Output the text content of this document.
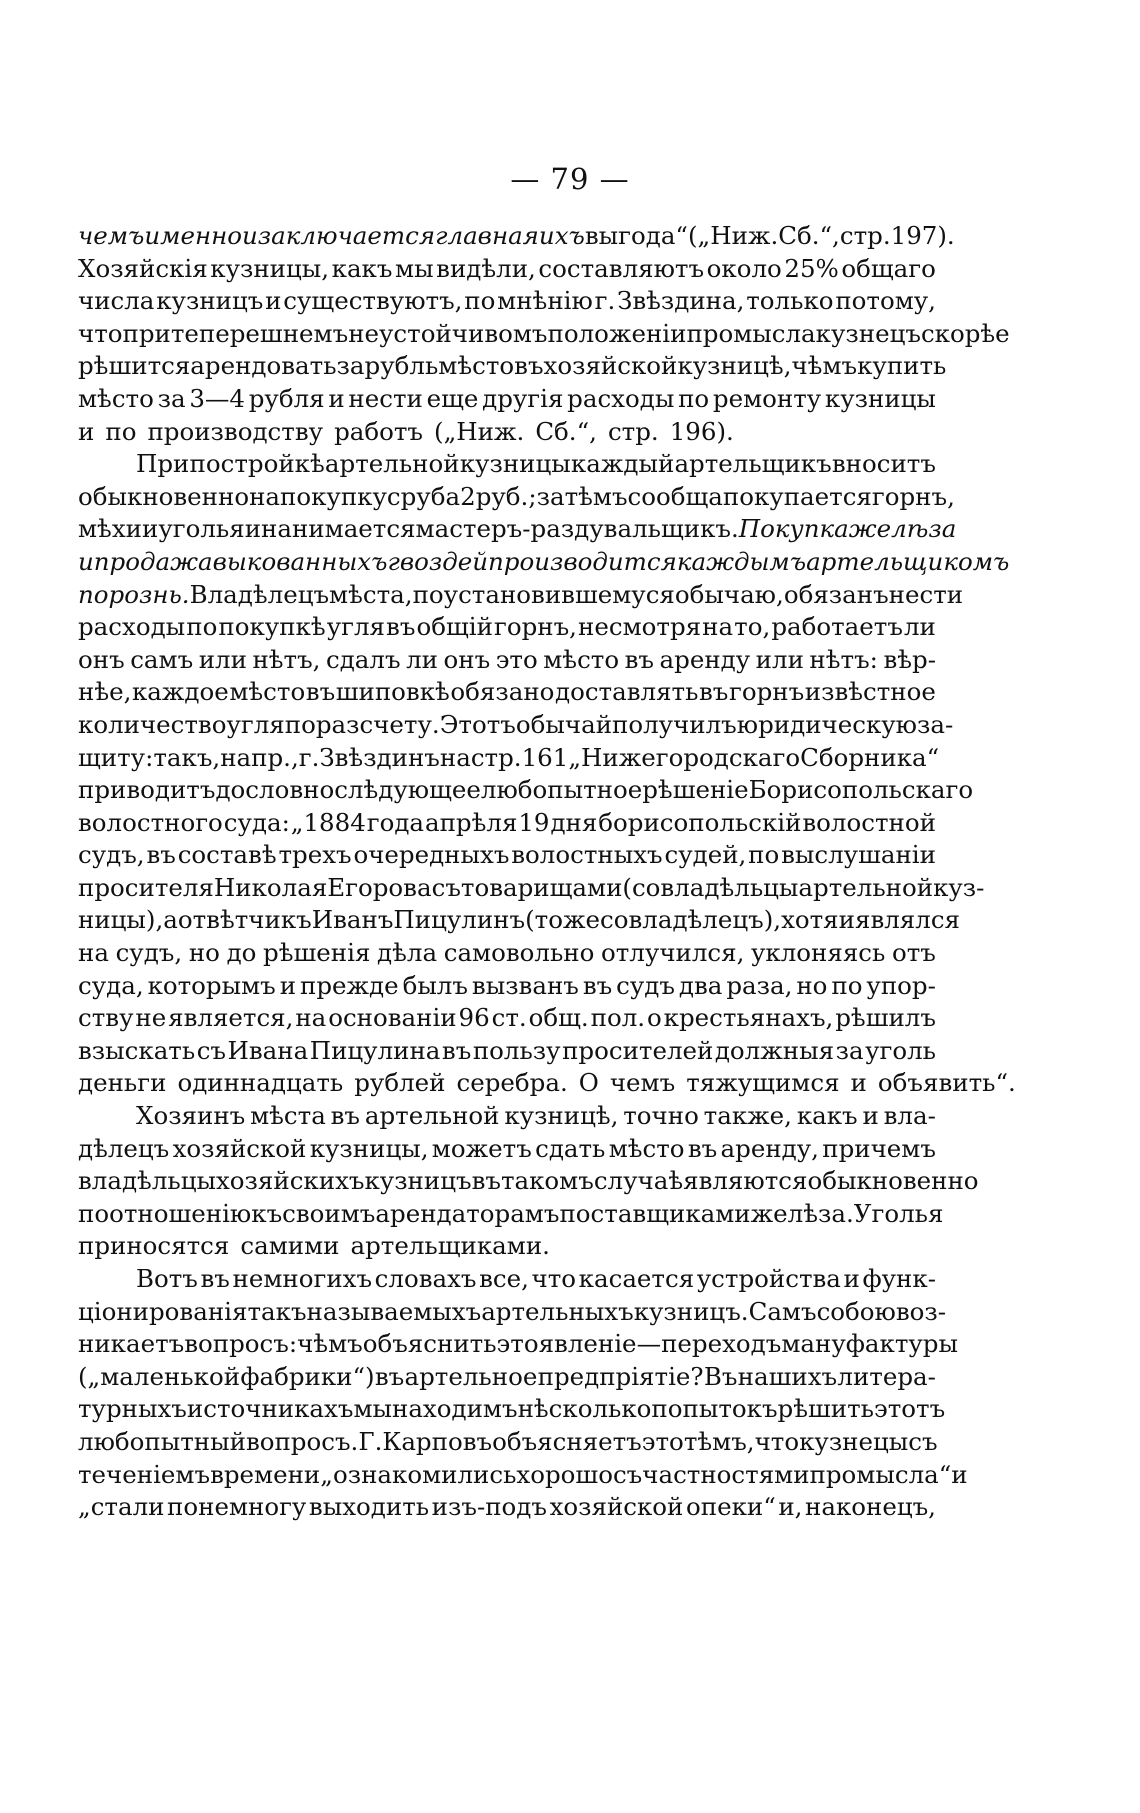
— 79 —
чемъ именно и заключается главная ихъ выгода“ („Ниж. Сб.“, стр. 197).
Хозяйскія кузницы, какъ мы видѣли, составляютъ около 25% общаго
числа кузницъ и существуютъ, по мнѣнію г. Звѣздина, только потому,
что при теперешнемъ неустойчивомъ положеніи промысла кузнецъ скорѣе
рѣшится арендовать за рубль мѣсто въ хозяйской кузницѣ, чѣмъ купить
мѣсто за 3—4 рубля и нести еще другія расходы по ремонту кузницы
и по производству работъ („Ниж. Сб.“, стр. 196).
При постройкѣ артельной кузницы каждый артельщикъ вноситъ
обыкновенно на покупку сруба 2 руб.; затѣмъ сообща покупается горнъ,
мѣхи и уголья и нанимается мастеръ-раздувальщикъ. Покупка желѣза
и продажа выкованныхъ гвоздей производится каждымъ артельщикомъ
порознь. Владѣлецъ мѣста, по установившемуся обычаю, обязанъ нести
расходы по покупкѣ угля въ общій горнъ, несмотря на то, работаетъ ли
онъ самъ или нѣтъ, сдалъ ли онъ это мѣсто въ аренду или нѣтъ: вѣр-
нѣе, каждое мѣсто въ шиповкѣ обязано доставлять въ горнъ извѣстное
количество угля по разсчету. Этотъ обычай получилъ юридическую за-
щиту: такъ, напр., г. Звѣздинъ на стр. 161 „Нижегородскаго Сборника“
приводитъ дословно слѣдующее любопытное рѣшеніе Борисопольскаго
волостного суда: „1884 года апрѣля 19 дня борисопольскій волостной
судъ, въ составѣ трехъ очередныхъ волостныхъ судей, по выслушаніи
просителя Николая Егорова съ товарищами (совладѣльцы артельной куз-
ницы), а отвѣтчикъ Иванъ Пицулинъ (тоже совладѣлецъ), хотя и являлся
на судъ, но до рѣшенія дѣла самовольно отлучился, уклоняясь отъ
суда, которымъ и прежде былъ вызванъ въ судъ два раза, но по упор-
ству не является, на основаніи 96 ст. общ. пол. о крестьянахъ, рѣшилъ
взыскать съ Ивана Пицулина въ пользу просителей должныя за уголь
деньги одиннадцать рублей серебра. О чемъ тяжущимся и объявить“.
Хозяинъ мѣста въ артельной кузницѣ, точно также, какъ и вла-
дѣлецъ хозяйской кузницы, можетъ сдать мѣсто въ аренду, причемъ
владѣльцы хозяйскихъ кузницъ въ такомъ случаѣ являются обыкновенно
по отношенію къ своимъ арендаторамъ поставщиками желѣза. Уголья
приносятся самими артельщиками.
Вотъ въ немногихъ словахъ все, что касается устройства и функ-
ціонированія такъ называемыхъ артельныхъ кузницъ. Самъ собою воз-
никаетъ вопросъ: чѣмъ объяснить это явленіе — переходъ мануфактуры
(„маленькой фабрики“) въ артельное предпріятіе? Въ нашихъ литера-
турныхъ источникахъ мы находимъ нѣсколько попытокъ рѣшить этотъ
любопытный вопросъ. Г. Карповъ объясняетъ это тѣмъ, что кузнецы съ
теченіемъ времени „ознакомились хорошо съ частностями промысла“ и
„стали понемногу выходить изъ-подъ хозяйской опеки“ и, наконецъ,
